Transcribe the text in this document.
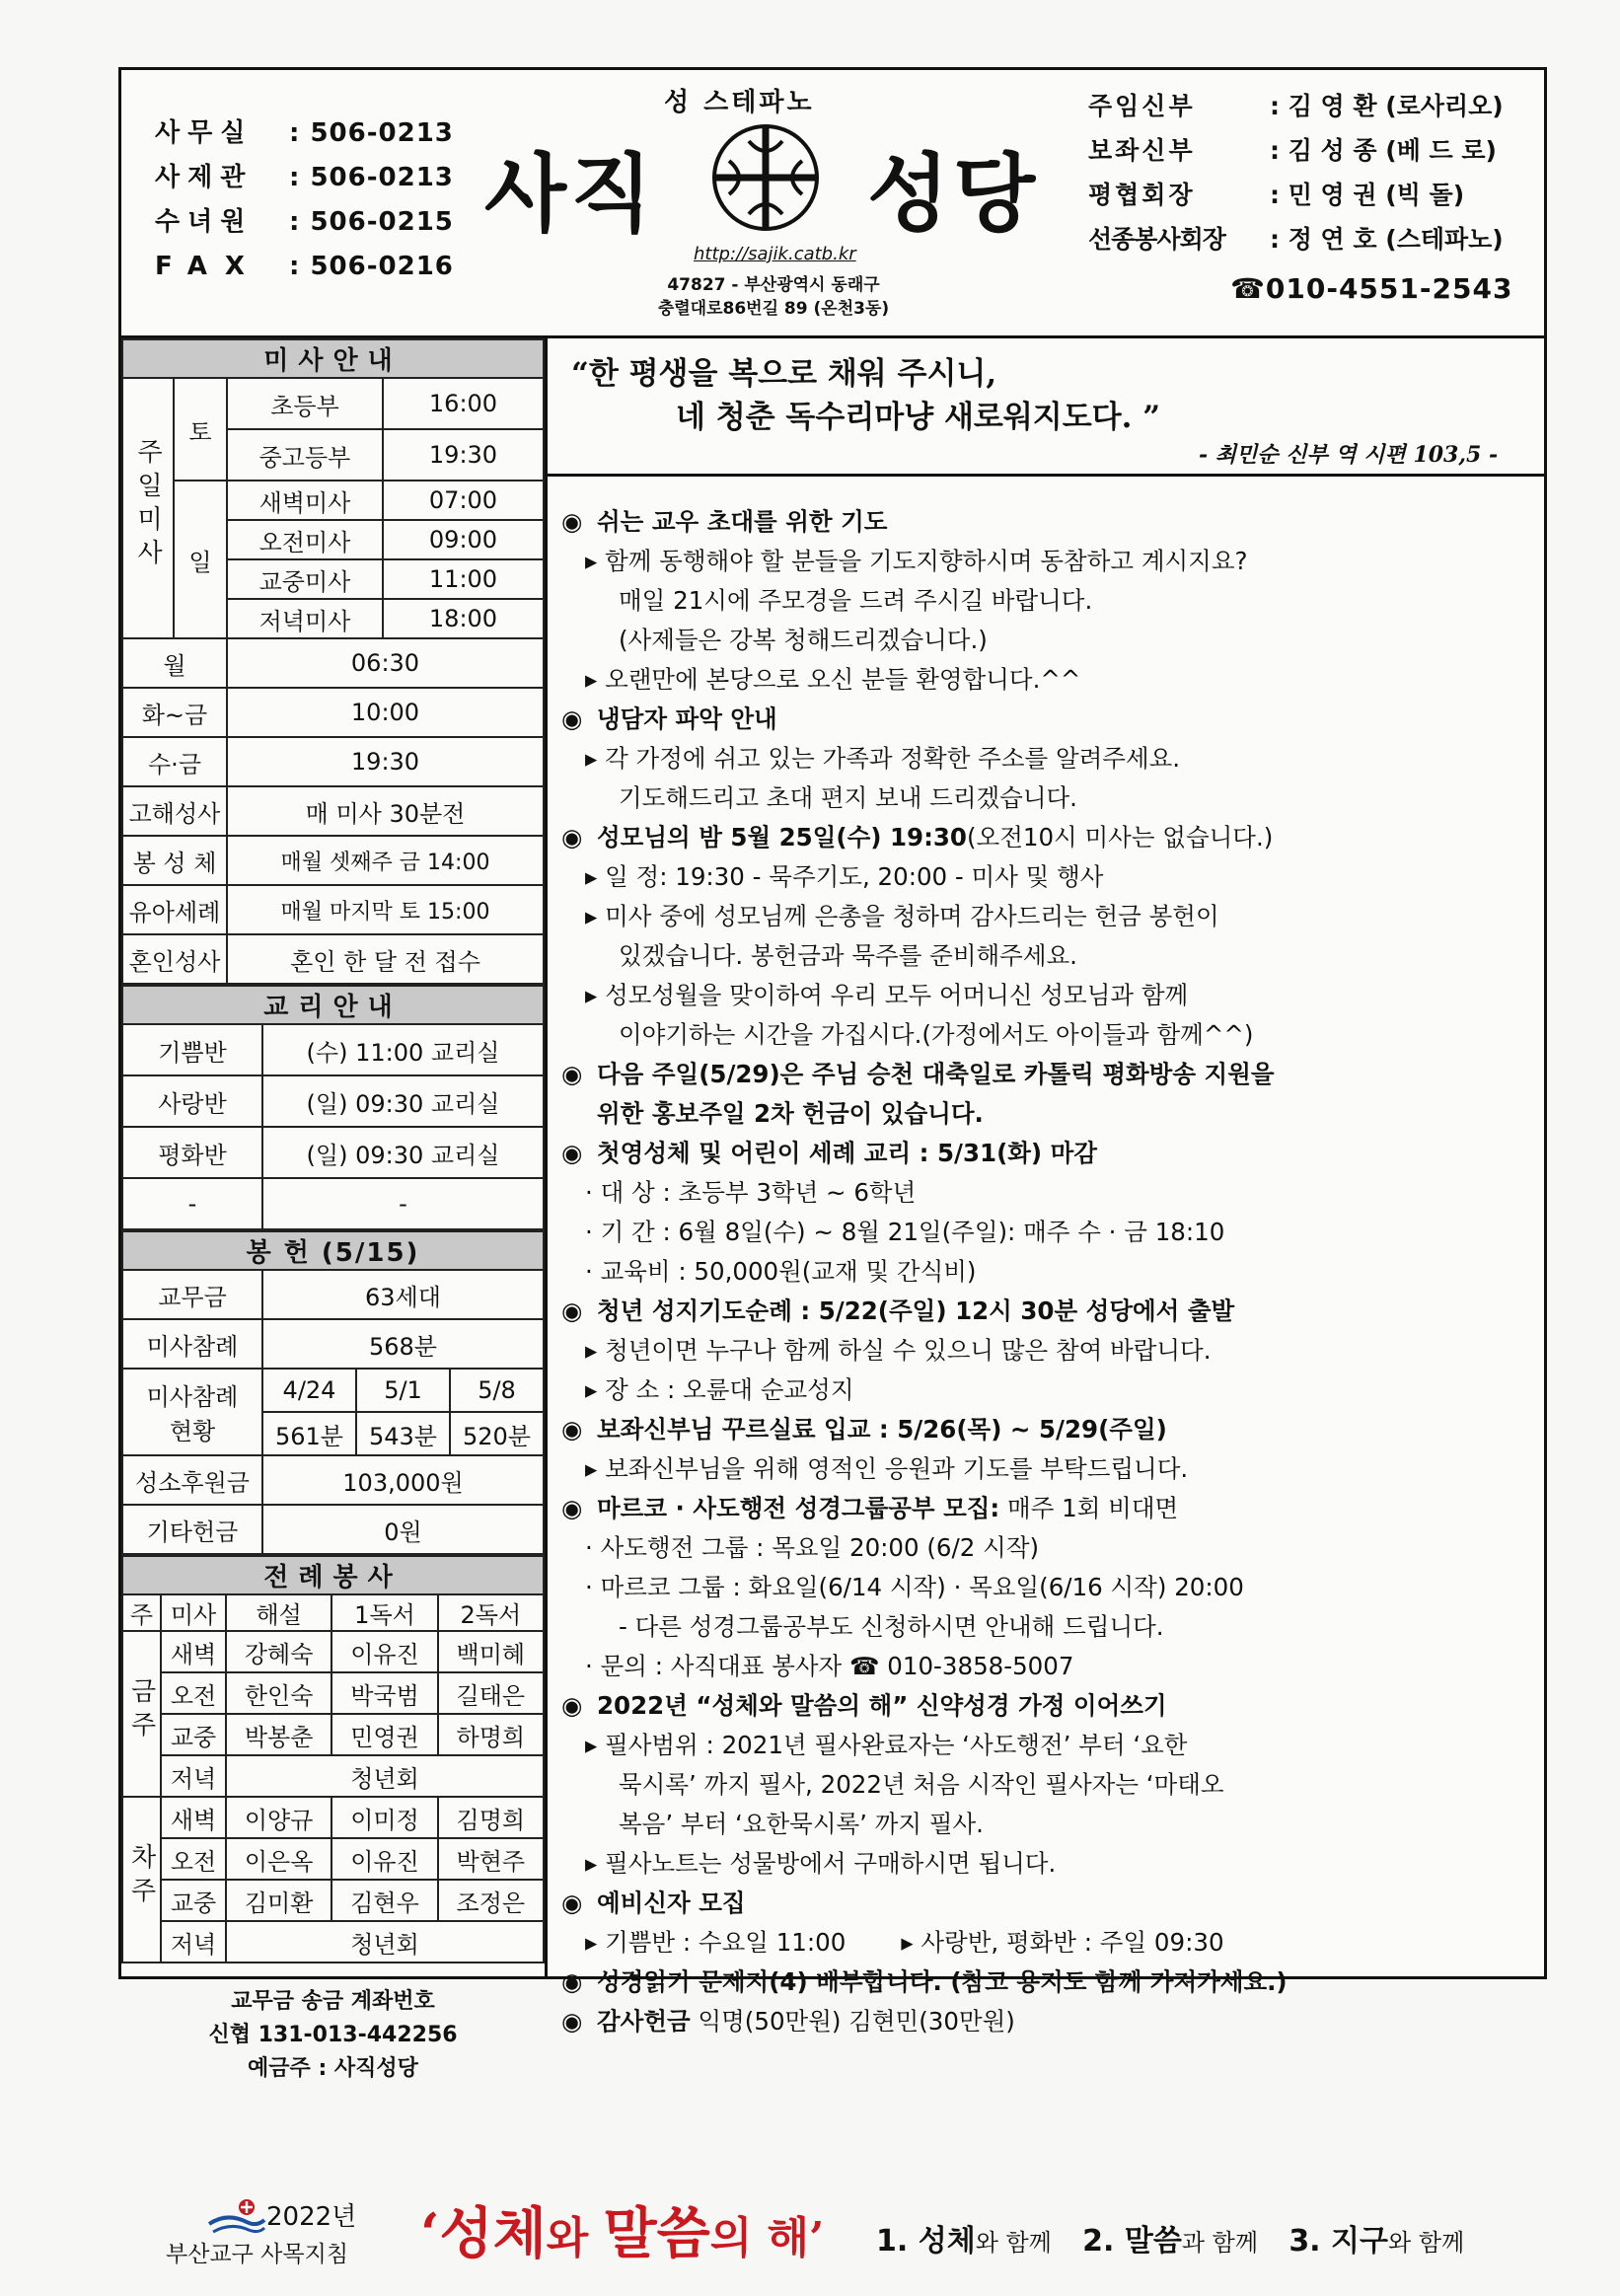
사무실	: 506-0213
사제관	: 506-0213
수녀원	: 506-0215
FAX	: 506-0216
성 스테파노
사직 성당
http://sajik.catb.kr
47827 - 부산광역시 동래구
충렬대로86번길 89 (온천3동)
주임신부	: 김 영 환 (로사리오)
보좌신부	: 김 성 종 (베 드 로)
평협회장	: 민 영 권 (빅 돌)
선종봉사회장	: 정 연 호 (스테파노)
☎010-4551-2543
미사안내			
주일미사	토	초등부	16:00
		중고등부	19:30
	일	새벽미사	07:00
		오전미사	09:00
		교중미사	11:00
		저녁미사	18:00
월		06:30	
화~금		10:00	
수·금		19:30	
고해성사		매 미사 30분전	
봉 성 체		매월 셋째주 금 14:00	
유아세례		매월 마지막 토 15:00	
혼인성사		혼인 한 달 전 접수	
교리안내	
기쁨반	(수) 11:00 교리실
사랑반	(일) 09:30 교리실
평화반	(일) 09:30 교리실
-	-
봉 헌 (5/15)			
교무금	63세대		
미사참례	568분		

미사참례
현황	4/24	5/1	5/8
	561분	543분	520분
성소후원금	103,000원		
기타헌금	0원		
전례봉사				
주	미사	해설	1독서	2독서
금주	새벽	강혜숙	이유진	백미혜
	오전	한인숙	박국범	길태은
	교중	박봉춘	민영권	하명희
	저녁	청년회		
차주	새벽	이양규	이미정	김명희
	오전	이은옥	이유진	박현주
	교중	김미환	김현우	조정은
	저녁	청년회		
교무금 송금 계좌번호
신협 131-013-442256
예금주 : 사직성당
“한 평생을 복으로 채워 주시니,
네 청춘 독수리마냥 새로워지도다. ”
- 최민순 신부 역 시편 103,5 -
◉ 쉬는 교우 초대를 위한 기도
▸ 함께 동행해야 할 분들을 기도지향하시며 동참하고 계시지요?
매일 21시에 주모경을 드려 주시길 바랍니다.
(사제들은 강복 청해드리겠습니다.)
▸ 오랜만에 본당으로 오신 분들 환영합니다.^^
◉ 냉담자 파악 안내
▸ 각 가정에 쉬고 있는 가족과 정확한 주소를 알려주세요.
기도해드리고 초대 편지 보내 드리겠습니다.
◉ 성모님의 밤 5월 25일(수) 19:30(오전10시 미사는 없습니다.)
▸ 일 정: 19:30 - 묵주기도, 20:00 - 미사 및 행사
▸ 미사 중에 성모님께 은총을 청하며 감사드리는 헌금 봉헌이
있겠습니다. 봉헌금과 묵주를 준비해주세요.
▸ 성모성월을 맞이하여 우리 모두 어머니신 성모님과 함께
이야기하는 시간을 가집시다.(가정에서도 아이들과 함께^^)
◉ 다음 주일(5/29)은 주님 승천 대축일로 카톨릭 평화방송 지원을
위한 홍보주일 2차 헌금이 있습니다.
◉ 첫영성체 및 어린이 세례 교리 : 5/31(화) 마감
· 대 상 : 초등부 3학년 ~ 6학년
· 기 간 : 6월 8일(수) ~ 8월 21일(주일): 매주 수 · 금 18:10
· 교육비 : 50,000원(교재 및 간식비)
◉ 청년 성지기도순례 : 5/22(주일) 12시 30분 성당에서 출발
▸ 청년이면 누구나 함께 하실 수 있으니 많은 참여 바랍니다.
▸ 장 소 : 오륜대 순교성지
◉ 보좌신부님 꾸르실료 입교 : 5/26(목) ~ 5/29(주일)
▸ 보좌신부님을 위해 영적인 응원과 기도를 부탁드립니다.
◉ 마르코 · 사도행전 성경그룹공부 모집: 매주 1회 비대면
· 사도행전 그룹 : 목요일 20:00 (6/2 시작)
· 마르코 그룹 : 화요일(6/14 시작) · 목요일(6/16 시작) 20:00
- 다른 성경그룹공부도 신청하시면 안내해 드립니다.
· 문의 : 사직대표 봉사자 ☎ 010-3858-5007
◉ 2022년 “성체와 말씀의 해” 신약성경 가정 이어쓰기
▸ 필사범위 : 2021년 필사완료자는 ‘사도행전’ 부터 ‘요한
묵시록’ 까지 필사, 2022년 처음 시작인 필사자는 ‘마태오
복음’ 부터 ‘요한묵시록’ 까지 필사.
▸ 필사노트는 성물방에서 구매하시면 됩니다.
◉ 예비신자 모집
▸ 기쁨반 : 수요일 11:00 ▸ 사랑반, 평화반 : 주일 09:30
◉ 성경읽기 문제지(4) 배부합니다. (참고 용지도 함께 가져가세요.)
◉ 감사헌금 익명(50만원) 김현민(30만원)
2022년
부산교구 사목지침 ‘성체와 말씀의 해’ 1. 성체와 함께 2. 말씀과 함께 3. 지구와 함께
